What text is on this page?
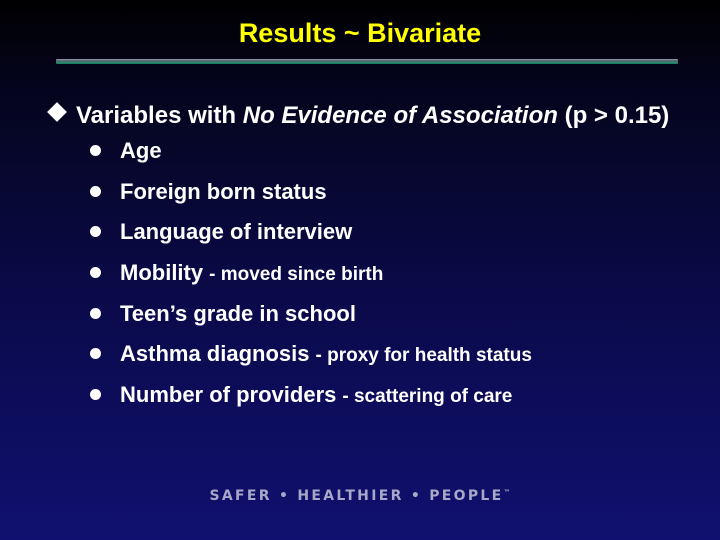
Results ~ Bivariate
Variables with No Evidence of Association (p > 0.15)
Age
Foreign born status
Language of interview
Mobility - moved since birth
Teen’s grade in school
Asthma diagnosis - proxy for health status
Number of providers - scattering of care
SAFER • HEALTHIER • PEOPLE™
